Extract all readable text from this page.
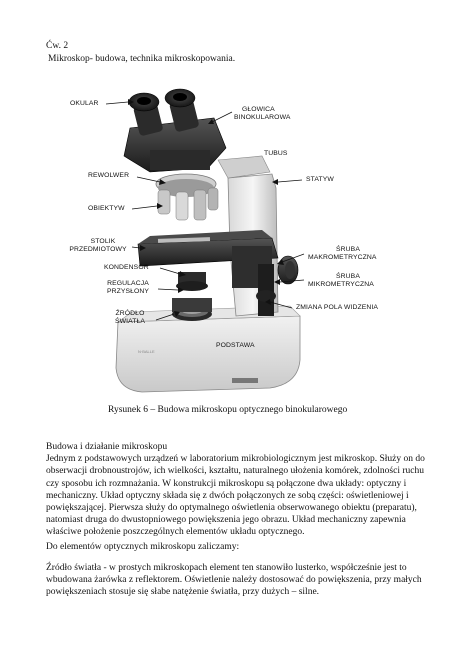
Ćw. 2
Mikroskop- budowa, technika mikroskopowania.
N·BALLE
OKULAR
GŁOWICA
BINOKULAROWA
TUBUS
REWOLWER
STATYW
OBIEKTYW
STOLIK
PRZEDMIOTOWY	ŚRUBA
MAKROMETRYCZNA
KONDENSOR
ŚRUBA
MIKROMETRYCZNA
REGULACJA
PRZYSŁONY
ZMIANA POLA WIDZENIA
ŹRÓDŁO
ŚWIATŁA
PODSTAWA
Rysunek 6 – Budowa mikroskopu optycznego binokularowego
Budowa i działanie mikroskopu
Jednym z podstawowych urządzeń w laboratorium mikrobiologicznym jest mikroskop. Służy on do
obserwacji drobnoustrojów, ich wielkości, kształtu, naturalnego ułożenia komórek, zdolności ruchu
czy sposobu ich rozmnażania. W konstrukcji mikroskopu są połączone dwa układy: optyczny i
mechaniczny. Układ optyczny składa się z dwóch połączonych ze sobą części: oświetleniowej i
powiększającej. Pierwsza służy do optymalnego oświetlenia obserwowanego obiektu (preparatu),
natomiast druga do dwustopniowego powiększenia jego obrazu. Układ mechaniczny zapewnia
właściwe położenie poszczególnych elementów układu optycznego.
Do elementów optycznych mikroskopu zaliczamy:
Źródło światła - w prostych mikroskopach element ten stanowiło lusterko, współcześnie jest to
wbudowana żarówka z reflektorem. Oświetlenie należy dostosować do powiększenia, przy małych
powiększeniach stosuje się słabe natężenie światła, przy dużych – silne.
